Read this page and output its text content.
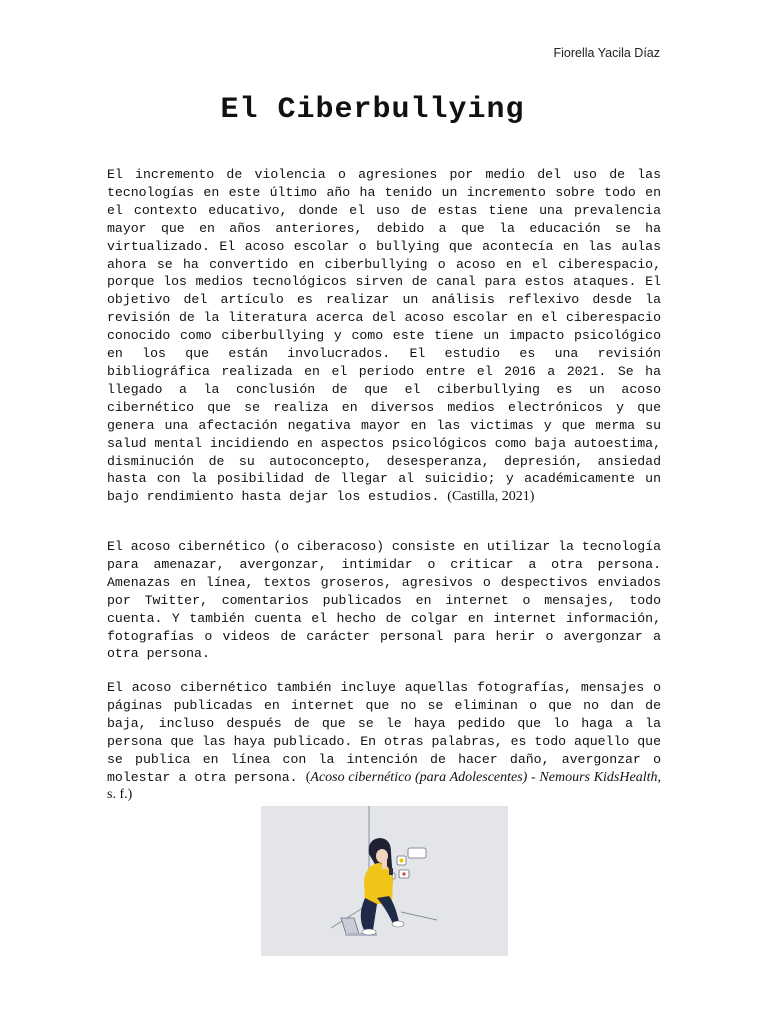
Fiorella Yacila Díaz
El Ciberbullying

El incremento de violencia o agresiones por medio del uso de las tecnologías en este último año ha tenido un incremento sobre todo en el contexto educativo, donde el uso de estas tiene una prevalencia mayor que en años anteriores, debido a que la educación se ha virtualizado. El acoso escolar o bullying que acontecía en las aulas ahora se ha convertido en ciberbullying o acoso en el ciberespacio, porque los medios tecnológicos sirven de canal para estos ataques. El objetivo del artículo es realizar un análisis reflexivo desde la revisión de la literatura acerca del acoso escolar en el ciberespacio conocido como ciberbullying y como este tiene un impacto psicológico en los que están involucrados. El estudio es una revisión bibliográfica realizada en el periodo entre el 2016 a 2021. Se ha llegado a la conclusión de que el ciberbullying es un acoso cibernético que se realiza en diversos medios electrónicos y que genera una afectación negativa mayor en las victimas y que merma su salud mental incidiendo en aspectos psicológicos como baja autoestima, disminución de su autoconcepto, desesperanza, depresión, ansiedad hasta con la posibilidad de llegar al suicidio; y académicamente un bajo rendimiento hasta dejar los estudios. (Castilla, 2021)

El acoso cibernético (o ciberacoso) consiste en utilizar la tecnología para amenazar, avergonzar, intimidar o criticar a otra persona. Amenazas en línea, textos groseros, agresivos o despectivos enviados por Twitter, comentarios publicados en internet o mensajes, todo cuenta. Y también cuenta el hecho de colgar en internet información, fotografías o videos de carácter personal para herir o avergonzar a otra persona.

El acoso cibernético también incluye aquellas fotografías, mensajes o páginas publicadas en internet que no se eliminan o que no dan de baja, incluso después de que se le haya pedido que lo haga a la persona que las haya publicado. En otras palabras, es todo aquello que se publica en línea con la intención de hacer daño, avergonzar o molestar a otra persona. (Acoso cibernético (para Adolescentes) - Nemours KidsHealth, s. f.)
